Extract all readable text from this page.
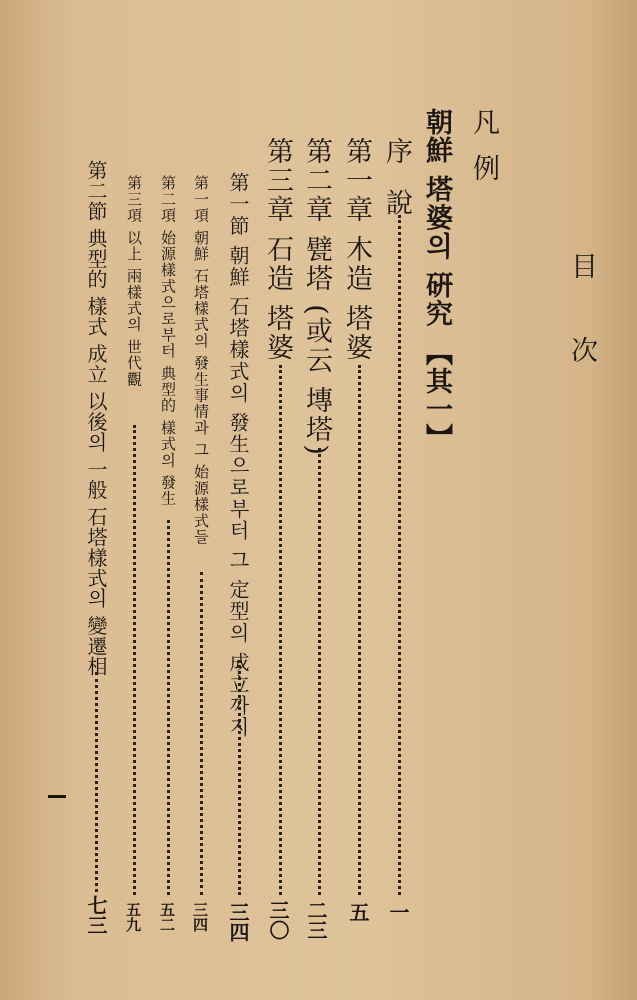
目 次
凡 例
朝鮮 塔婆의 硏究 【其一】
序 說
一
第一章 木造 塔婆
五
第二章 甓塔 (或云 塼塔)
二三
第三章 石造 塔婆
三〇
第一節 朝鮮 石塔樣式의 發生으로부터 그 定型의 成立까지
三四
第一項 朝鮮 石塔樣式의 發生事情과 그 始源樣式들
三四
第二項 始源樣式으로부터 典型的 樣式의 發生
五二
第三項 以上 兩樣式의 世代觀
五九
第二節 典型的 樣式 成立 以後의 一般 石塔樣式의 變遷相
七三
